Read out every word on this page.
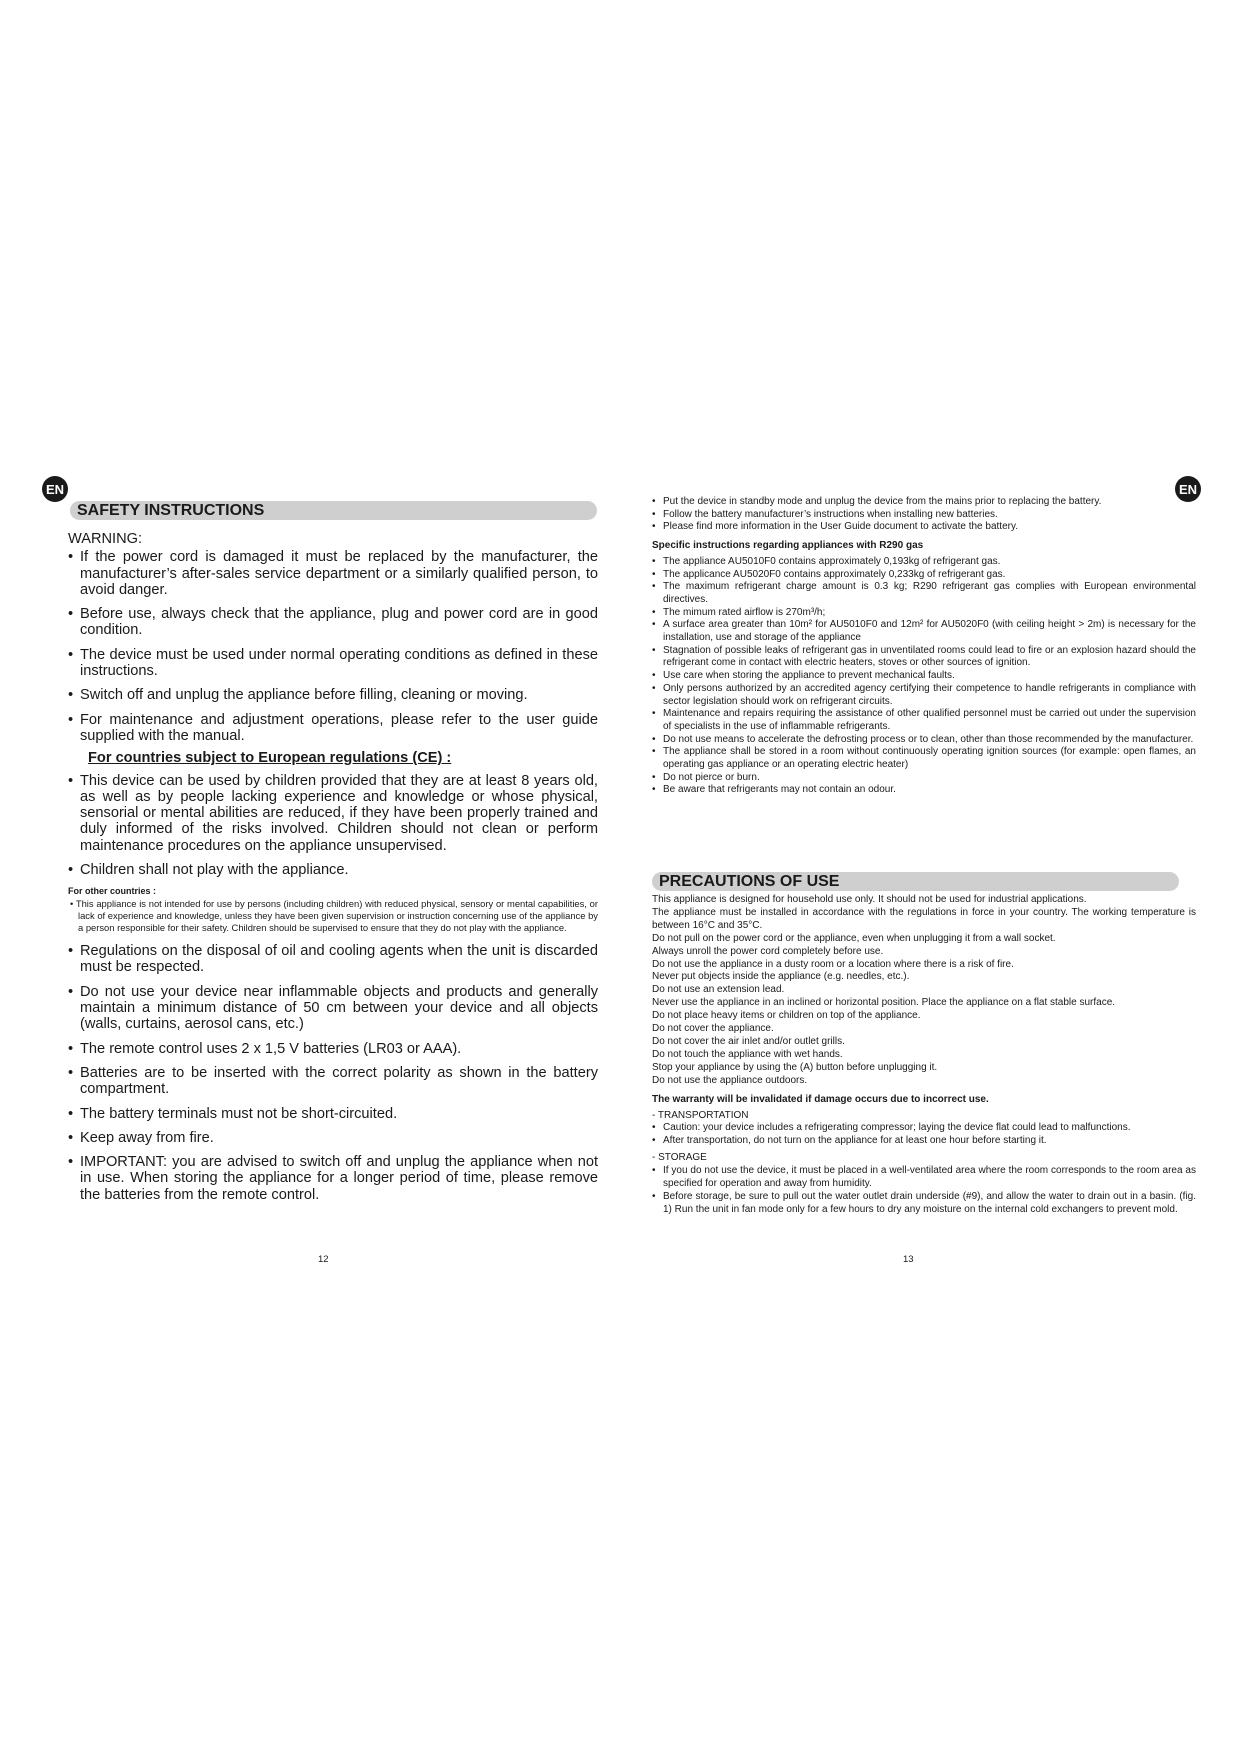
EN
SAFETY INSTRUCTIONS
WARNING:
• If the power cord is damaged it must be replaced by the manufacturer, the manufacturer’s after-sales service department or a similarly qualified person, to avoid danger.
• Before use, always check that the appliance, plug and power cord are in good condition.
• The device must be used under normal operating conditions as defined in these instructions.
• Switch off and unplug the appliance before filling, cleaning or moving.
• For maintenance and adjustment operations, please refer to the user guide supplied with the manual.
For countries subject to European regulations (CE) :
• This device can be used by children provided that they are at least 8 years old, as well as by people lacking experience and knowledge or whose physical, sensorial or mental abilities are reduced, if they have been properly trained and duly informed of the risks involved. Children should not clean or perform maintenance procedures on the appliance unsupervised.
• Children shall not play with the appliance.
For other countries :
• This appliance is not intended for use by persons (including children) with reduced physical, sensory or mental capabilities, or lack of experience and knowledge, unless they have been given supervision or instruction concerning use of the appliance by a person responsible for their safety. Children should be supervised to ensure that they do not play with the appliance.
• Regulations on the disposal of oil and cooling agents when the unit is discarded must be respected.
• Do not use your device near inflammable objects and products and generally maintain a minimum distance of 50 cm between your device and all objects (walls, curtains, aerosol cans, etc.)
• The remote control uses 2 x 1,5 V batteries (LR03 or AAA).
• Batteries are to be inserted with the correct polarity as shown in the battery compartment.
• The battery terminals must not be short-circuited.
• Keep away from fire.
• IMPORTANT: you are advised to switch off and unplug the appliance when not in use. When storing the appliance for a longer period of time, please remove the batteries from the remote control.
12
EN
• Put the device in standby mode and unplug the device from the mains prior to replacing the battery.
• Follow the battery manufacturer’s instructions when installing new batteries.
• Please find more information in the User Guide document to activate the battery.
Specific instructions regarding appliances with R290 gas
• The appliance AU5010F0 contains approximately 0,193kg of refrigerant gas.
• The applicance AU5020F0 contains approximately 0,233kg of refrigerant gas.
• The maximum refrigerant charge amount is 0.3 kg; R290 refrigerant gas complies with European environmental directives.
• The mimum rated airflow is 270m³/h;
• A surface area greater than 10m² for AU5010F0 and 12m² for AU5020F0 (with ceiling height > 2m) is necessary for the installation, use and storage of the appliance
• Stagnation of possible leaks of refrigerant gas in unventilated rooms could lead to fire or an explosion hazard should the refrigerant come in contact with electric heaters, stoves or other sources of ignition.
• Use care when storing the appliance to prevent mechanical faults.
• Only persons authorized by an accredited agency certifying their competence to handle refrigerants in compliance with sector legislation should work on refrigerant circuits.
• Maintenance and repairs requiring the assistance of other qualified personnel must be carried out under the supervision of specialists in the use of inflammable refrigerants.
• Do not use means to accelerate the defrosting process or to clean, other than those recommended by the manufacturer.
• The appliance shall be stored in a room without continuously operating ignition sources (for example: open flames, an operating gas appliance or an operating electric heater)
• Do not pierce or burn.
• Be aware that refrigerants may not contain an odour.
PRECAUTIONS OF USE
This appliance is designed for household use only. It should not be used for industrial applications.
The appliance must be installed in accordance with the regulations in force in your country. The working temperature is between 16°C and 35°C.
Do not pull on the power cord or the appliance, even when unplugging it from a wall socket.
Always unroll the power cord completely before use.
Do not use the appliance in a dusty room or a location where there is a risk of fire.
Never put objects inside the appliance (e.g. needles, etc.).
Do not use an extension lead.
Never use the appliance in an inclined or horizontal position. Place the appliance on a flat stable surface.
Do not place heavy items or children on top of the appliance.
Do not cover the appliance.
Do not cover the air inlet and/or outlet grills.
Do not touch the appliance with wet hands.
Stop your appliance by using the (A) button before unplugging it.
Do not use the appliance outdoors.
The warranty will be invalidated if damage occurs due to incorrect use.
- TRANSPORTATION
• Caution: your device includes a refrigerating compressor; laying the device flat could lead to malfunctions.
• After transportation, do not turn on the appliance for at least one hour before starting it.
- STORAGE
• If you do not use the device, it must be placed in a well-ventilated area where the room corresponds to the room area as specified for operation and away from humidity.
• Before storage, be sure to pull out the water outlet drain underside (#9), and allow the water to drain out in a basin. (fig. 1) Run the unit in fan mode only for a few hours to dry any moisture on the internal cold exchangers to prevent mold.
13
